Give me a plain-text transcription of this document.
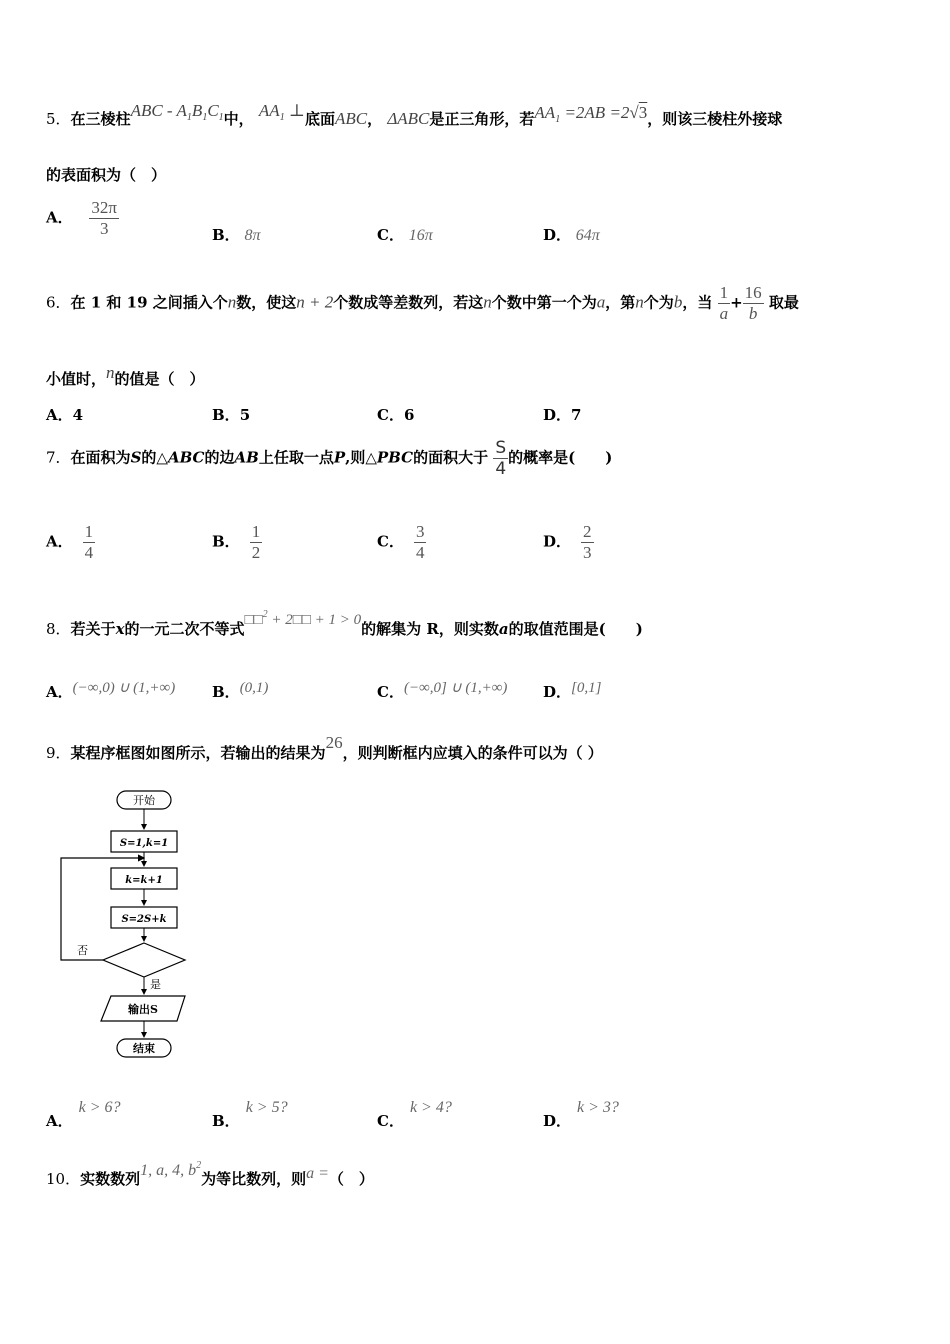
5．在三棱柱ABC - $A_1B_1C_1$中， $AA_1$ ⊥底面ABC， ΔABC是正三角形，若$AA_1 =2AB =2√3$，则该三棱柱外接球
的表面积为（　）
A． $\frac{32\pi}{3}$	B． 8π	C． 16π	D． 64π
6．在 1 和 19 之间插入个n数，使这n + 2个数成等差数列，若这n个数中第一个为a，第n个为b，当 $\frac{1}{a} + \frac{16}{b}$ 取最
小值时，n的值是（　）
A．4	B．5	C．6	D．7
7．在面积为S的△ABC的边AB上任取一点P,则△PBC的面积大于 $\frac{S}{4}$ 的概率是(　　)
A． $\frac{1}{4}$	B． $\frac{1}{2}$	C． $\frac{3}{4}$	D． $\frac{2}{3}$
8．若关于x的一元二次不等式□□$^2$ + 2□□ + 1 > 0的解集为 R，则实数a的取值范围是(　　)
A．(−∞,0) ∪ (1,+∞) B．(0,1)	C．(−∞,0] ∪ (1,+∞) D．[0,1]
9．某程序框图如图所示，若输出的结果为26，则判断框内应填入的条件可以为（ ）
开始
S=1,k=1
k=k+1
S=2S+k
否
是
输出S
结束
A．k > 6?
B．k > 5?
C．k > 4?
D．k > 3?
10．实数数列1, a, 4, $b^2$为等比数列，则a =（　）
